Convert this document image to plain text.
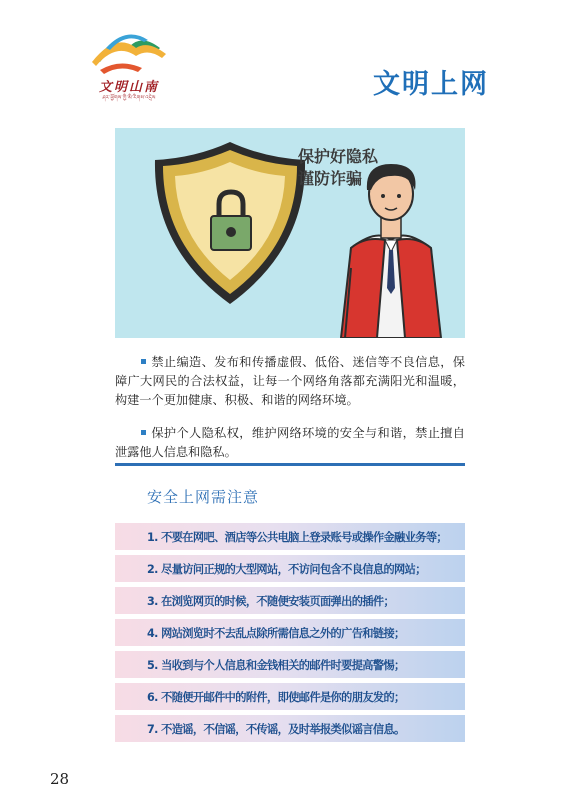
文明山南
ཤར་ཕྱོགས་ཀྱི་མི་རིགས་འདྲེས	文明上网
保护好隐私
谨防诈骗
禁止编造、发布和传播虚假、低俗、迷信等不良信息，保障广大网民的合法权益，让每一个网络角落都充满阳光和温暖，构建一个更加健康、积极、和谐的网络环境。
保护个人隐私权，维护网络环境的安全与和谐，禁止擅自泄露他人信息和隐私。
安全上网需注意
1. 不要在网吧、酒店等公共电脑上登录账号或操作金融业务等；
2. 尽量访问正规的大型网站，不访问包含不良信息的网站；
3. 在浏览网页的时候，不随便安装页面弹出的插件；
4. 网站浏览时不去乱点除所需信息之外的广告和链接；
5. 当收到与个人信息和金钱相关的邮件时要提高警惕；
6. 不随便开邮件中的附件，即使邮件是你的朋友发的；
7. 不造谣，不信谣，不传谣，及时举报类似谣言信息。
28
